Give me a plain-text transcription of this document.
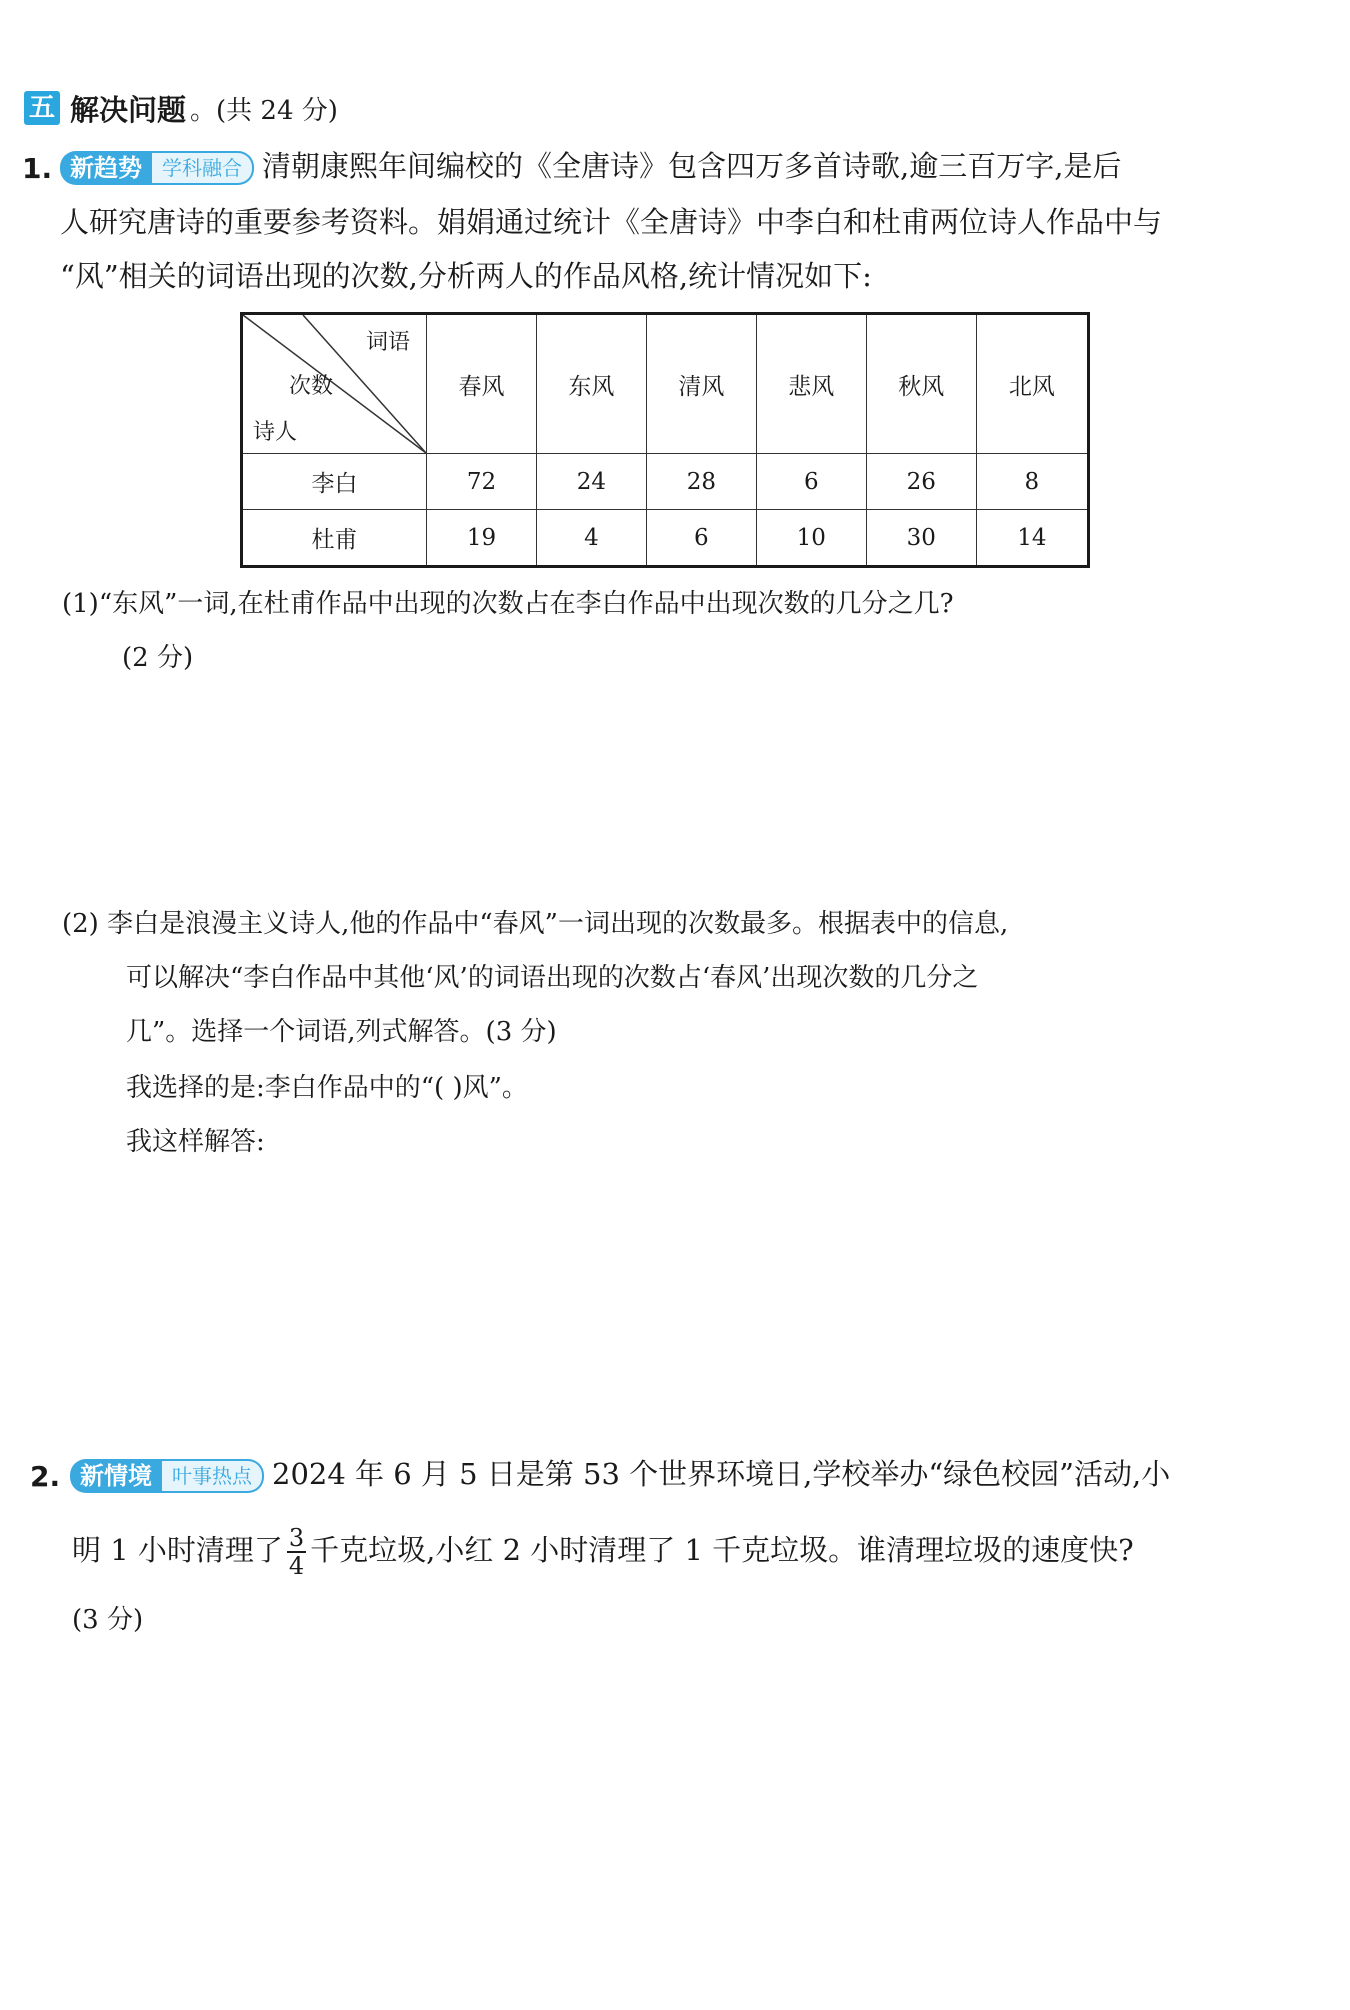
五 解决问题 。(共 24 分)
1. 新趋势	学科融合 清朝康熙年间编校的《全唐诗》包含四万多首诗歌,逾三百万字,是后
人研究唐诗的重要参考资料。娟娟通过统计《全唐诗》中李白和杜甫两位诗人作品中与
“风”相关的词语出现的次数,分析两人的作品风格,统计情况如下:
词语
次数
诗人	春风	东风	清风	悲风	秋风	北风
李白	72	24	28	6	26	8
杜甫	19	4	6	10	30	14
(1)“东风”一词,在杜甫作品中出现的次数占在李白作品中出现次数的几分之几?
(2 分)
(2) 李白是浪漫主义诗人,他的作品中“春风”一词出现的次数最多。根据表中的信息,
可以解决“李白作品中其他‘风’的词语出现的次数占‘春风’出现次数的几分之
几”。选择一个词语,列式解答。(3 分)
我选择的是:李白作品中的“( )风”。
我这样解答:
2. 新情境	叶事热点 2024 年 6 月 5 日是第 53 个世界环境日,学校举办“绿色校园”活动,小
明 1 小时清理了 $\frac{3}{4}$ 千克垃圾,小红 2 小时清理了 1 千克垃圾。谁清理垃圾的速度快?
(3 分)
